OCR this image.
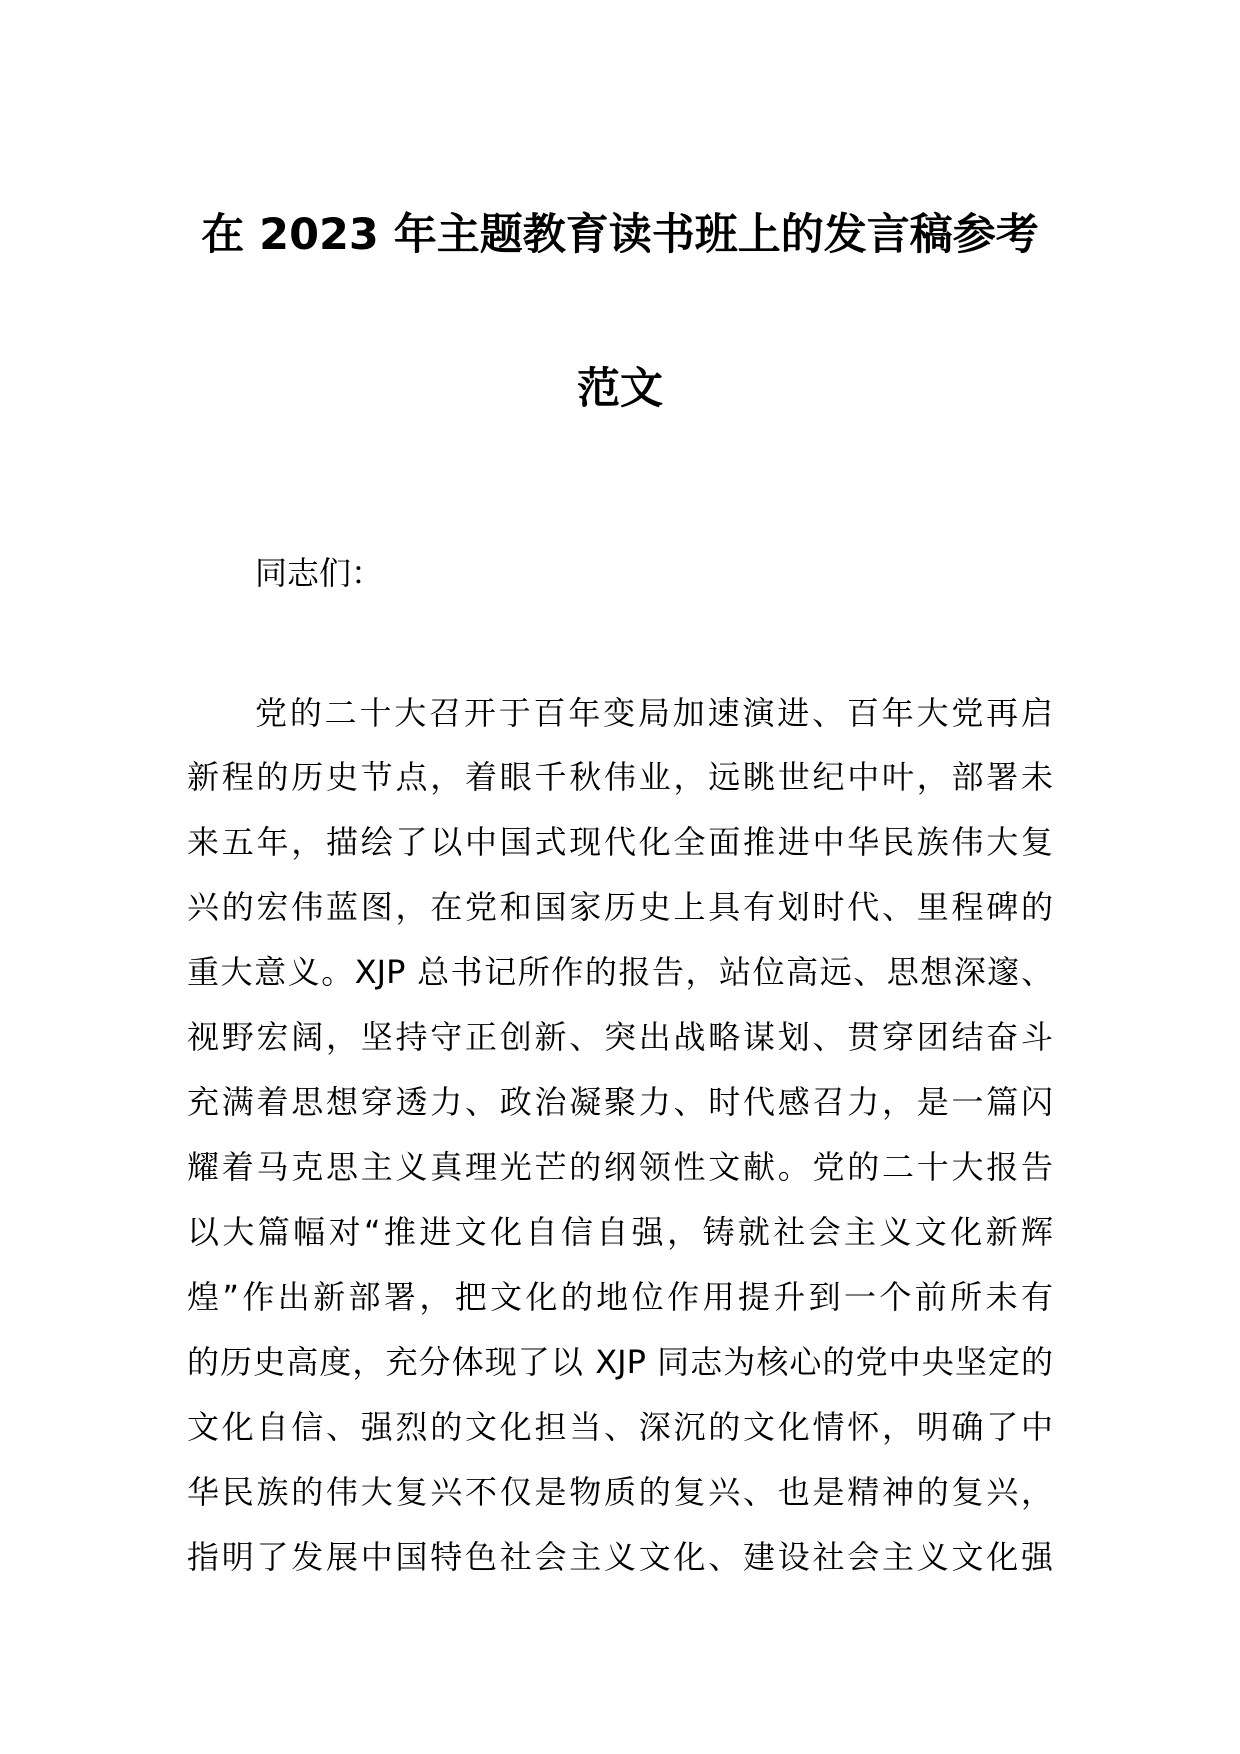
在 2023 年主题教育读书班上的发言稿参考
范文
同志们：
党的二十大召开于百年变局加速演进、百年大党再启
新程的历史节点，着眼千秋伟业，远眺世纪中叶，部署未
来五年，描绘了以中国式现代化全面推进中华民族伟大复
兴的宏伟蓝图，在党和国家历史上具有划时代、里程碑的
重大意义。XJP 总书记所作的报告，站位高远、思想深邃、
视野宏阔，坚持守正创新、突出战略谋划、贯穿团结奋斗
充满着思想穿透力、政治凝聚力、时代感召力，是一篇闪
耀着马克思主义真理光芒的纲领性文献。党的二十大报告
以大篇幅对“推进文化自信自强，铸就社会主义文化新辉
煌”作出新部署，把文化的地位作用提升到一个前所未有
的历史高度，充分体现了以 XJP 同志为核心的党中央坚定的
文化自信、强烈的文化担当、深沉的文化情怀，明确了中
华民族的伟大复兴不仅是物质的复兴、也是精神的复兴，
指明了发展中国特色社会主义文化、建设社会主义文化强
